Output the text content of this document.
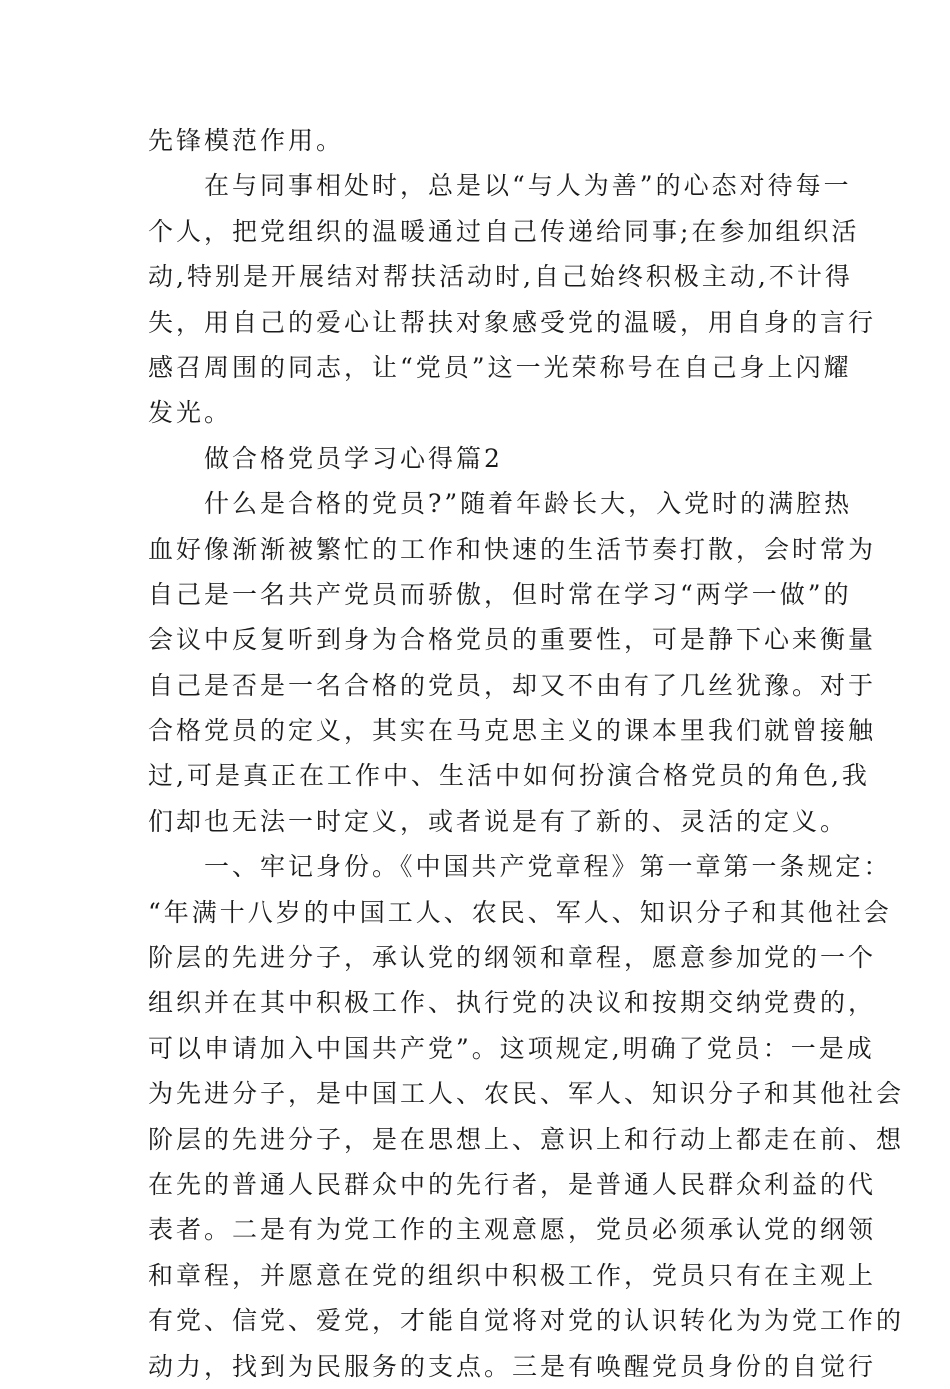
先锋模范作用。
在与同事相处时，总是以“与人为善”的心态对待每一
个人，把党组织的温暖通过自己传递给同事;在参加组织活
动,特别是开展结对帮扶活动时,自己始终积极主动,不计得
失，用自己的爱心让帮扶对象感受党的温暖，用自身的言行
感召周围的同志，让“党员”这一光荣称号在自己身上闪耀
发光。
做合格党员学习心得篇2
什么是合格的党员?”随着年龄长大，入党时的满腔热
血好像渐渐被繁忙的工作和快速的生活节奏打散，会时常为
自己是一名共产党员而骄傲，但时常在学习“两学一做”的
会议中反复听到身为合格党员的重要性，可是静下心来衡量
自己是否是一名合格的党员，却又不由有了几丝犹豫。对于
合格党员的定义，其实在马克思主义的课本里我们就曾接触
过,可是真正在工作中、生活中如何扮演合格党员的角色,我
们却也无法一时定义，或者说是有了新的、灵活的定义。
一、牢记身份。《中国共产党章程》第一章第一条规定：
“年满十八岁的中国工人、农民、军人、知识分子和其他社会
阶层的先进分子，承认党的纲领和章程，愿意参加党的一个
组织并在其中积极工作、执行党的决议和按期交纳党费的，
可以申请加入中国共产党”。这项规定,明确了党员：一是成
为先进分子，是中国工人、农民、军人、知识分子和其他社会
阶层的先进分子，是在思想上、意识上和行动上都走在前、想
在先的普通人民群众中的先行者，是普通人民群众利益的代
表者。二是有为党工作的主观意愿，党员必须承认党的纲领
和章程，并愿意在党的组织中积极工作，党员只有在主观上
有党、信党、爱党，才能自觉将对党的认识转化为为党工作的
动力，找到为民服务的支点。三是有唤醒党员身份的自觉行
